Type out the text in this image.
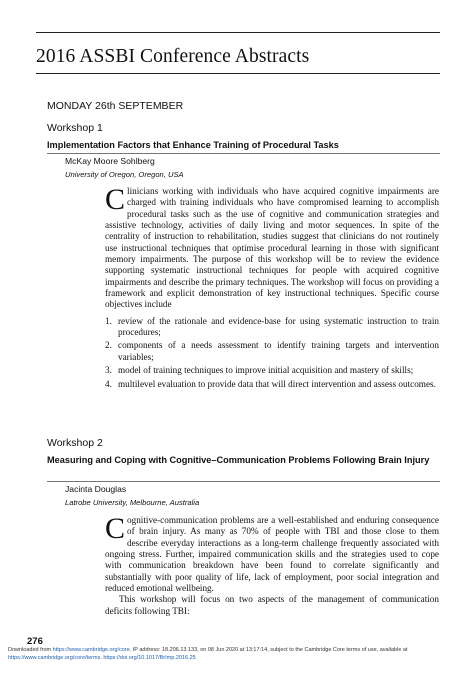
2016 ASSBI Conference Abstracts
MONDAY 26th SEPTEMBER
Workshop 1
Implementation Factors that Enhance Training of Procedural Tasks
McKay Moore Sohlberg
University of Oregon, Oregon, USA

Clinicians working with individuals who have acquired cognitive impairments are charged with training individuals who have compromised learning to accomplish procedural tasks such as the use of cognitive and communication strategies and assistive technology, activities of daily living and motor sequences. In spite of the centrality of instruction to rehabilitation, studies suggest that clinicians do not routinely use instructional techniques that optimise procedural learning in those with significant memory impairments. The purpose of this workshop will be to review the evidence supporting systematic instructional techniques for people with acquired cognitive impairments and describe the primary techniques. The workshop will focus on providing a framework and explicit demonstration of key instructional techniques. Specific course objectives include

1. review of the rationale and evidence-base for using systematic instruction to train procedures;
2. components of a needs assessment to identify training targets and intervention variables;
3. model of training techniques to improve initial acquisition and mastery of skills;
4. multilevel evaluation to provide data that will direct intervention and assess outcomes.
Workshop 2
Measuring and Coping with Cognitive–Communication Problems Following Brain Injury
Jacinta Douglas
Latrobe University, Melbourne, Australia

Cognitive-communication problems are a well-established and enduring consequence of brain injury. As many as 70% of people with TBI and those close to them describe everyday interactions as a long-term challenge frequently associated with ongoing stress. Further, impaired communication skills and the strategies used to cope with communication breakdown have been found to correlate significantly and substantially with poor quality of life, lack of employment, poor social integration and reduced emotional wellbeing.

This workshop will focus on two aspects of the management of communication deficits following TBI:

276
Downloaded from https://www.cambridge.org/core. IP address: 18.206.13.133, on 08 Jun 2020 at 13:17:14, subject to the Cambridge Core terms of use, available at https://www.cambridge.org/core/terms. https://doi.org/10.1017/BrImp.2016.25
